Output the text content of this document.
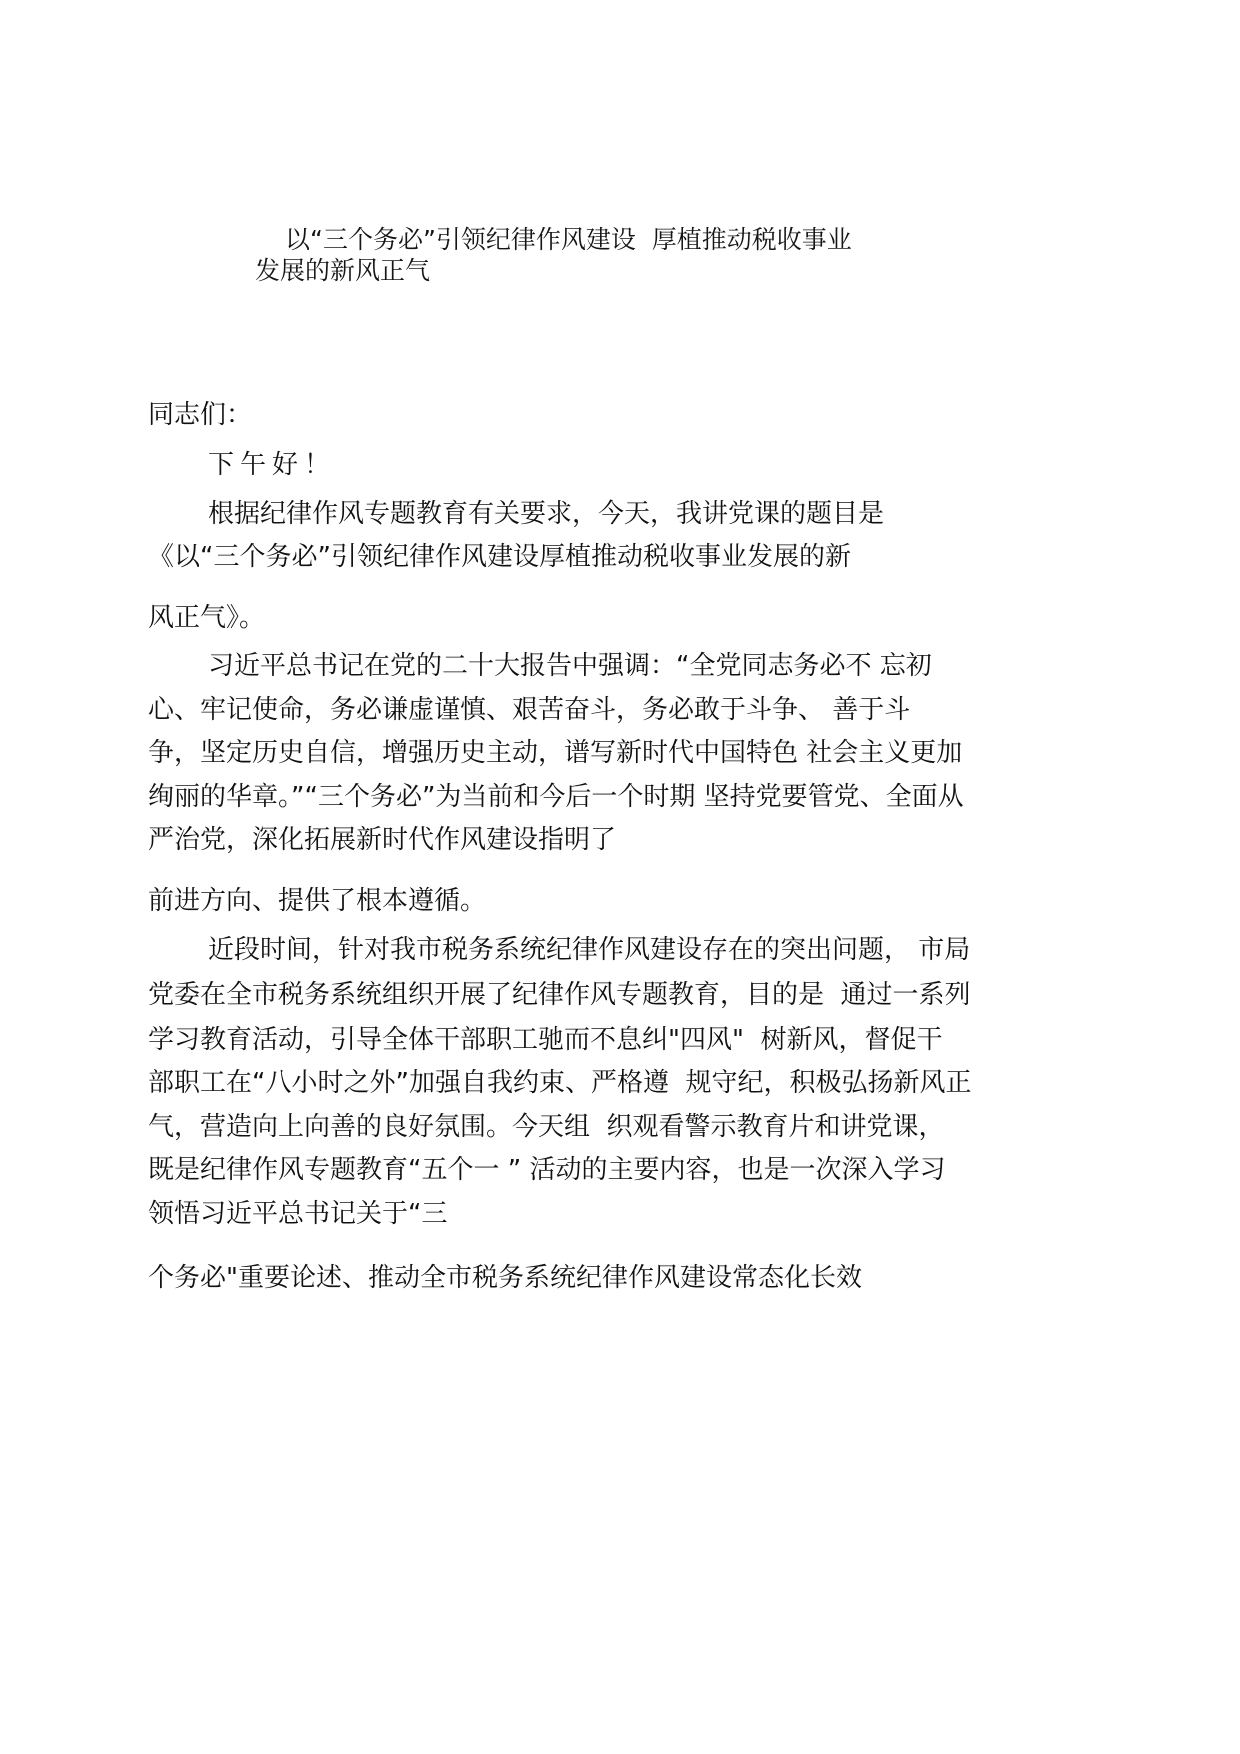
以“三个务必”引领纪律作风建设  厚植推动税收事业
发展的新风正气
同志们：
下午好！
根据纪律作风专题教育有关要求，今天，我讲党课的题目是
《以“三个务必”引领纪律作风建设厚植推动税收事业发展的新
风正气》。
习近平总书记在党的二十大报告中强调：“全党同志务必不 忘初
心、牢记使命，务必谦虚谨慎、艰苦奋斗，务必敢于斗争、 善于斗
争，坚定历史自信，增强历史主动，谱写新时代中国特色 社会主义更加
绚丽的华章。”“三个务必”为当前和今后一个时期 坚持党要管党、全面从
严治党，深化拓展新时代作风建设指明了
前进方向、提供了根本遵循。
近段时间，针对我市税务系统纪律作风建设存在的突出问题， 市局
党委在全市税务系统组织开展了纪律作风专题教育，目的是  通过一系列
学习教育活动，引导全体干部职工驰而不息纠"四风"  树新风，督促干
部职工在“八小时之外”加强自我约束、严格遵  规守纪，积极弘扬新风正
气，营造向上向善的良好氛围。今天组  织观看警示教育片和讲党课，
既是纪律作风专题教育“五个一 ” 活动的主要内容，也是一次深入学习
领悟习近平总书记关于“三
个务必"重要论述、推动全市税务系统纪律作风建设常态化长效
